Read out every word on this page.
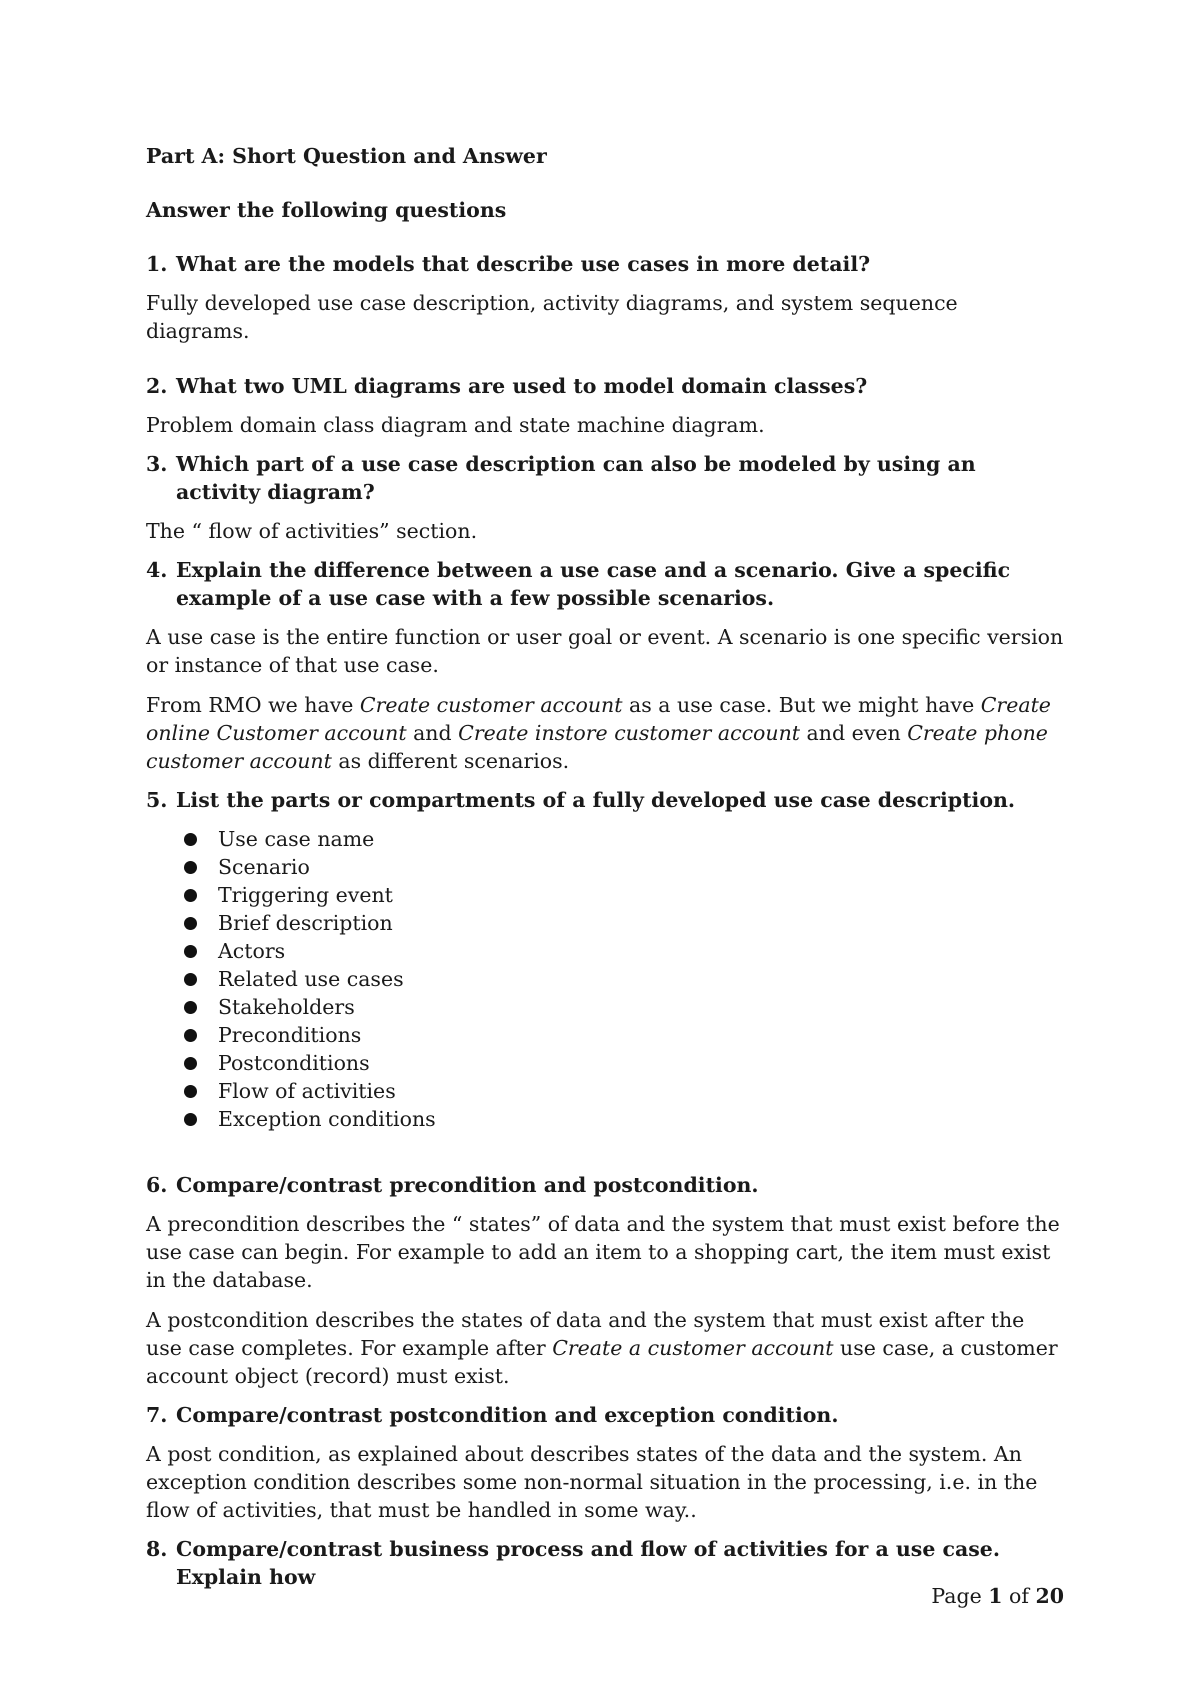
Part A: Short Question and Answer

Answer the following questions

1. What are the models that describe use cases in more detail?

Fully developed use case description, activity diagrams, and system sequence diagrams.

2. What two UML diagrams are used to model domain classes?

Problem domain class diagram and state machine diagram.

3. Which part of a use case description can also be modeled by using an activity diagram?

The “ flow of activities” section.

4. Explain the difference between a use case and a scenario. Give a specific example of a use case with a few possible scenarios.

A use case is the entire function or user goal or event. A scenario is one specific version or instance of that use case.

From RMO we have Create customer account as a use case. But we might have Create online Customer account and Create instore customer account and even Create phone customer account as different scenarios.

5. List the parts or compartments of a fully developed use case description.
Use case name
Scenario
Triggering event
Brief description
Actors
Related use cases
Stakeholders
Preconditions
Postconditions
Flow of activities
Exception conditions
6. Compare/contrast precondition and postcondition.

A precondition describes the “ states” of data and the system that must exist before the use case can begin. For example to add an item to a shopping cart, the item must exist in the database.

A postcondition describes the states of data and the system that must exist after the use case completes. For example after Create a customer account use case, a customer account object (record) must exist.

7. Compare/contrast postcondition and exception condition.

A post condition, as explained about describes states of the data and the system. An exception condition describes some non-normal situation in the processing, i.e. in the flow of activities, that must be handled in some way..

8. Compare/contrast business process and flow of activities for a use case. Explain how
Page 1 of 20
